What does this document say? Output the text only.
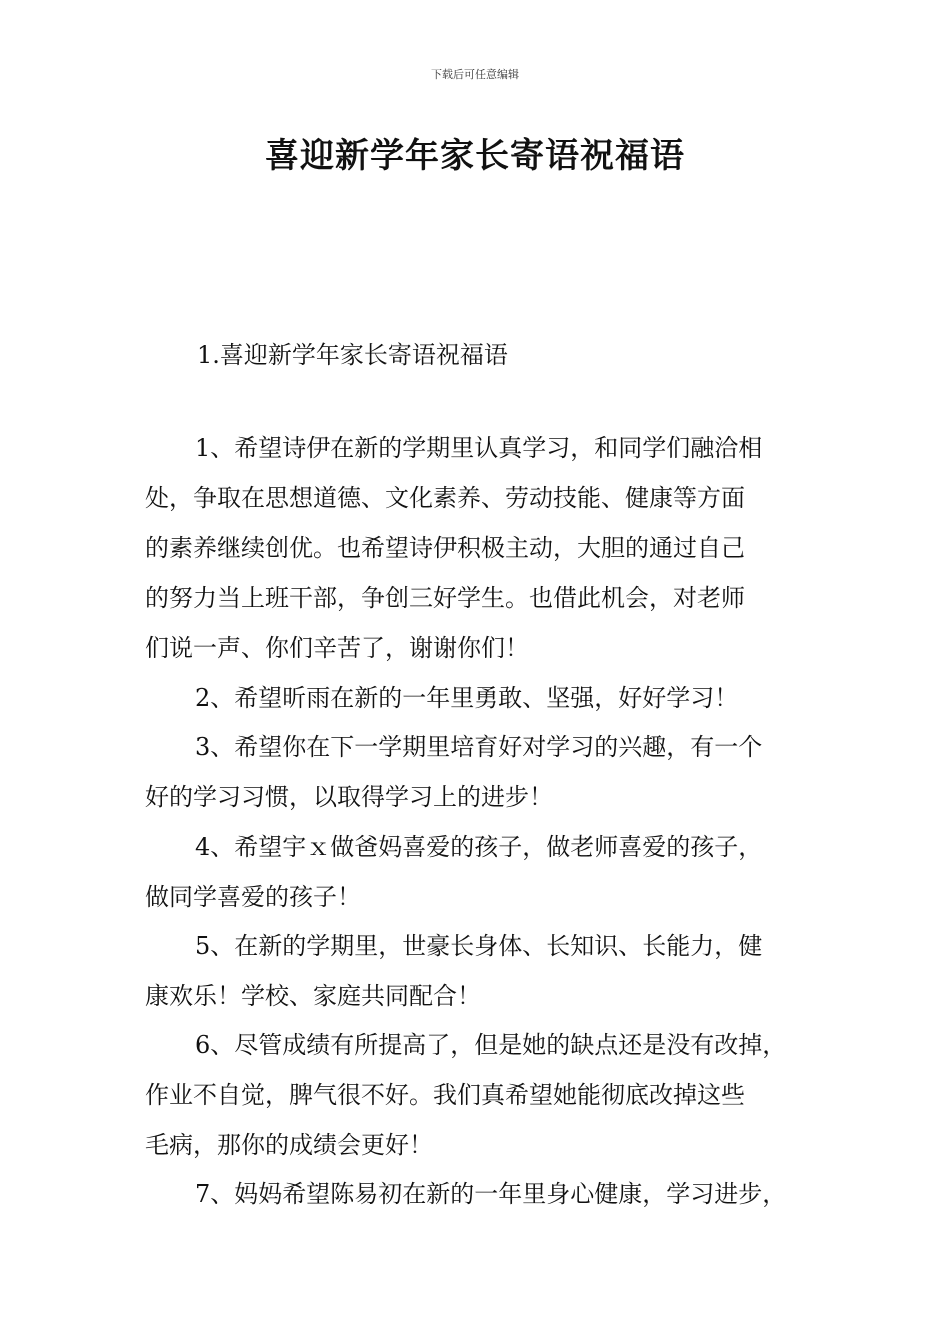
下载后可任意编辑
喜迎新学年家长寄语祝福语
1.喜迎新学年家长寄语祝福语
1、希望诗伊在新的学期里认真学习，和同学们融洽相
处，争取在思想道德、文化素养、劳动技能、健康等方面
的素养继续创优。也希望诗伊积极主动，大胆的通过自己
的努力当上班干部，争创三好学生。也借此机会，对老师
们说一声、你们辛苦了，谢谢你们！
2、希望昕雨在新的一年里勇敢、坚强，好好学习！
3、希望你在下一学期里培育好对学习的兴趣，有一个
好的学习习惯，以取得学习上的进步！
4、希望宇ｘ做爸妈喜爱的孩子，做老师喜爱的孩子，
做同学喜爱的孩子！
5、在新的学期里，世豪长身体、长知识、长能力，健
康欢乐！学校、家庭共同配合！
6、尽管成绩有所提高了，但是她的缺点还是没有改掉，
作业不自觉，脾气很不好。我们真希望她能彻底改掉这些
毛病，那你的成绩会更好！
7、妈妈希望陈易初在新的一年里身心健康，学习进步，
